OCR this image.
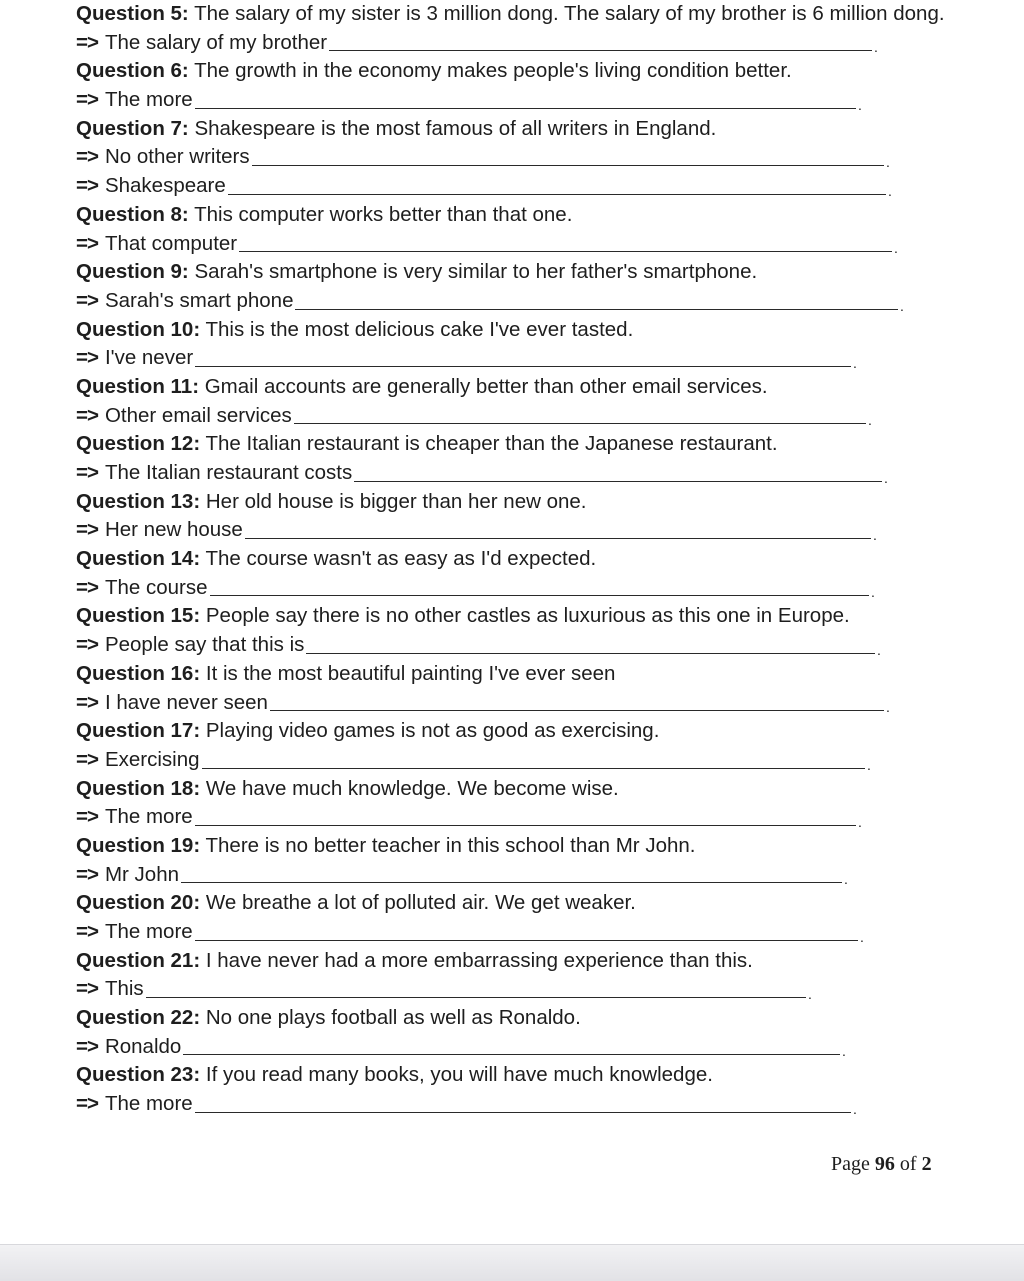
Question 5: The salary of my sister is 3 million dong. The salary of my brother is 6 million dong.
=> The salary of my brother	.
Question 6: The growth in the economy makes people's living condition better.
=> The more	.
Question 7: Shakespeare is the most famous of all writers in England.
=> No other writers	.
=> Shakespeare	.
Question 8: This computer works better than that one.
=> That computer	.
Question 9: Sarah's smartphone is very similar to her father's smartphone.
=> Sarah's smart phone	.
Question 10: This is the most delicious cake I've ever tasted.
=> I've never	.
Question 11: Gmail accounts are generally better than other email services.
=> Other email services	.
Question 12: The Italian restaurant is cheaper than the Japanese restaurant.
=> The Italian restaurant costs	.
Question 13: Her old house is bigger than her new one.
=> Her new house	.
Question 14: The course wasn't as easy as I'd expected.
=> The course	.
Question 15: People say there is no other castles as luxurious as this one in Europe.
=> People say that this is	.
Question 16: It is the most beautiful painting I've ever seen
=> I have never seen	.
Question 17: Playing video games is not as good as exercising.
=> Exercising	.
Question 18: We have much knowledge. We become wise.
=> The more	.
Question 19: There is no better teacher in this school than Mr John.
=> Mr John	.
Question 20: We breathe a lot of polluted air. We get weaker.
=> The more	.
Question 21: I have never had a more embarrassing experience than this.
=> This	.
Question 22: No one plays football as well as Ronaldo.
=> Ronaldo	.
Question 23: If you read many books, you will have much knowledge.
=> The more	.
Page 96 of 2
